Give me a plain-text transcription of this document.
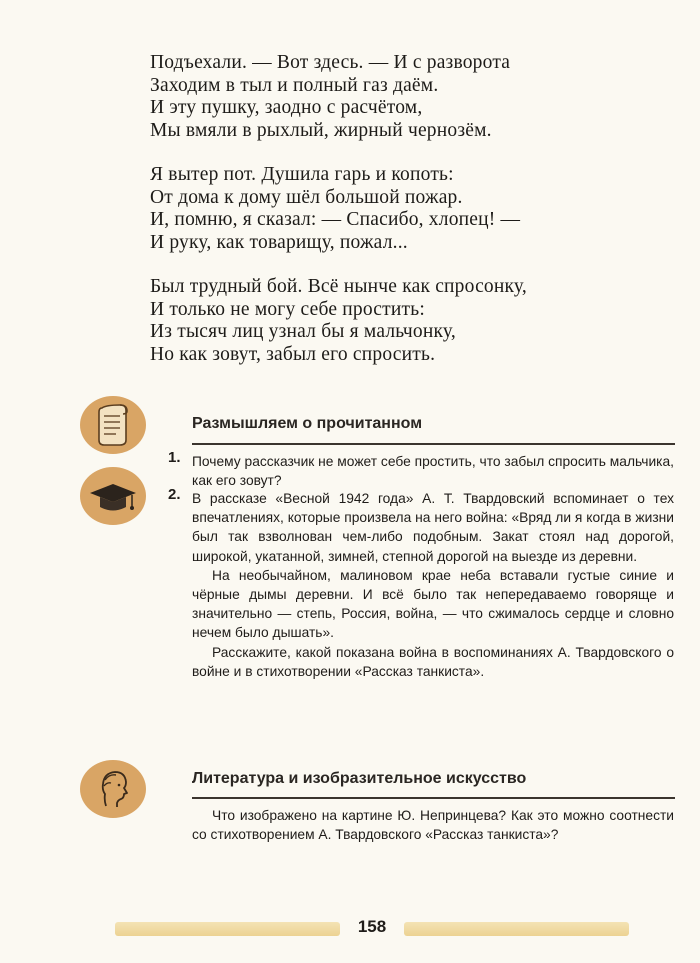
Подъехали. — Вот здесь. — И с разворота
Заходим в тыл и полный газ даём.
И эту пушку, заодно с расчётом,
Мы вмяли в рыхлый, жирный чернозём.
Я вытер пот. Душила гарь и копоть:
От дома к дому шёл большой пожар.
И, помню, я сказал: — Спасибо, хлопец! —
И руку, как товарищу, пожал...
Был трудный бой. Всё нынче как спросонку,
И только не могу себе простить:
Из тысяч лиц узнал бы я мальчонку,
Но как зовут, забыл его спросить.
Размышляем о прочитанном
1. Почему рассказчик не может себе простить, что забыл спросить мальчика, как его зовут?

2. В рассказе «Весной 1942 года» А. Т. Твардовский вспоминает о тех впечатлениях, которые произвела на него война: «Вряд ли я когда в жизни был так взволнован чем-либо подобным. Закат стоял над дорогой, широкой, укатанной, зимней, степной дорогой на выезде из деревни.

На необычайном, малиновом крае неба вставали густые синие и чёрные дымы деревни. И всё было так непередаваемо говоряще и значительно — степь, Россия, война, — что сжималось сердце и словно нечем было дышать».

Расскажите, какой показана война в воспоминаниях А. Твардовского о войне и в стихотворении «Рассказ танкиста».

Литература и изобразительное искусство
Что изображено на картине Ю. Непринцева? Как это можно соотнести со стихотворением А. Твардовского «Рассказ танкиста»?
158
